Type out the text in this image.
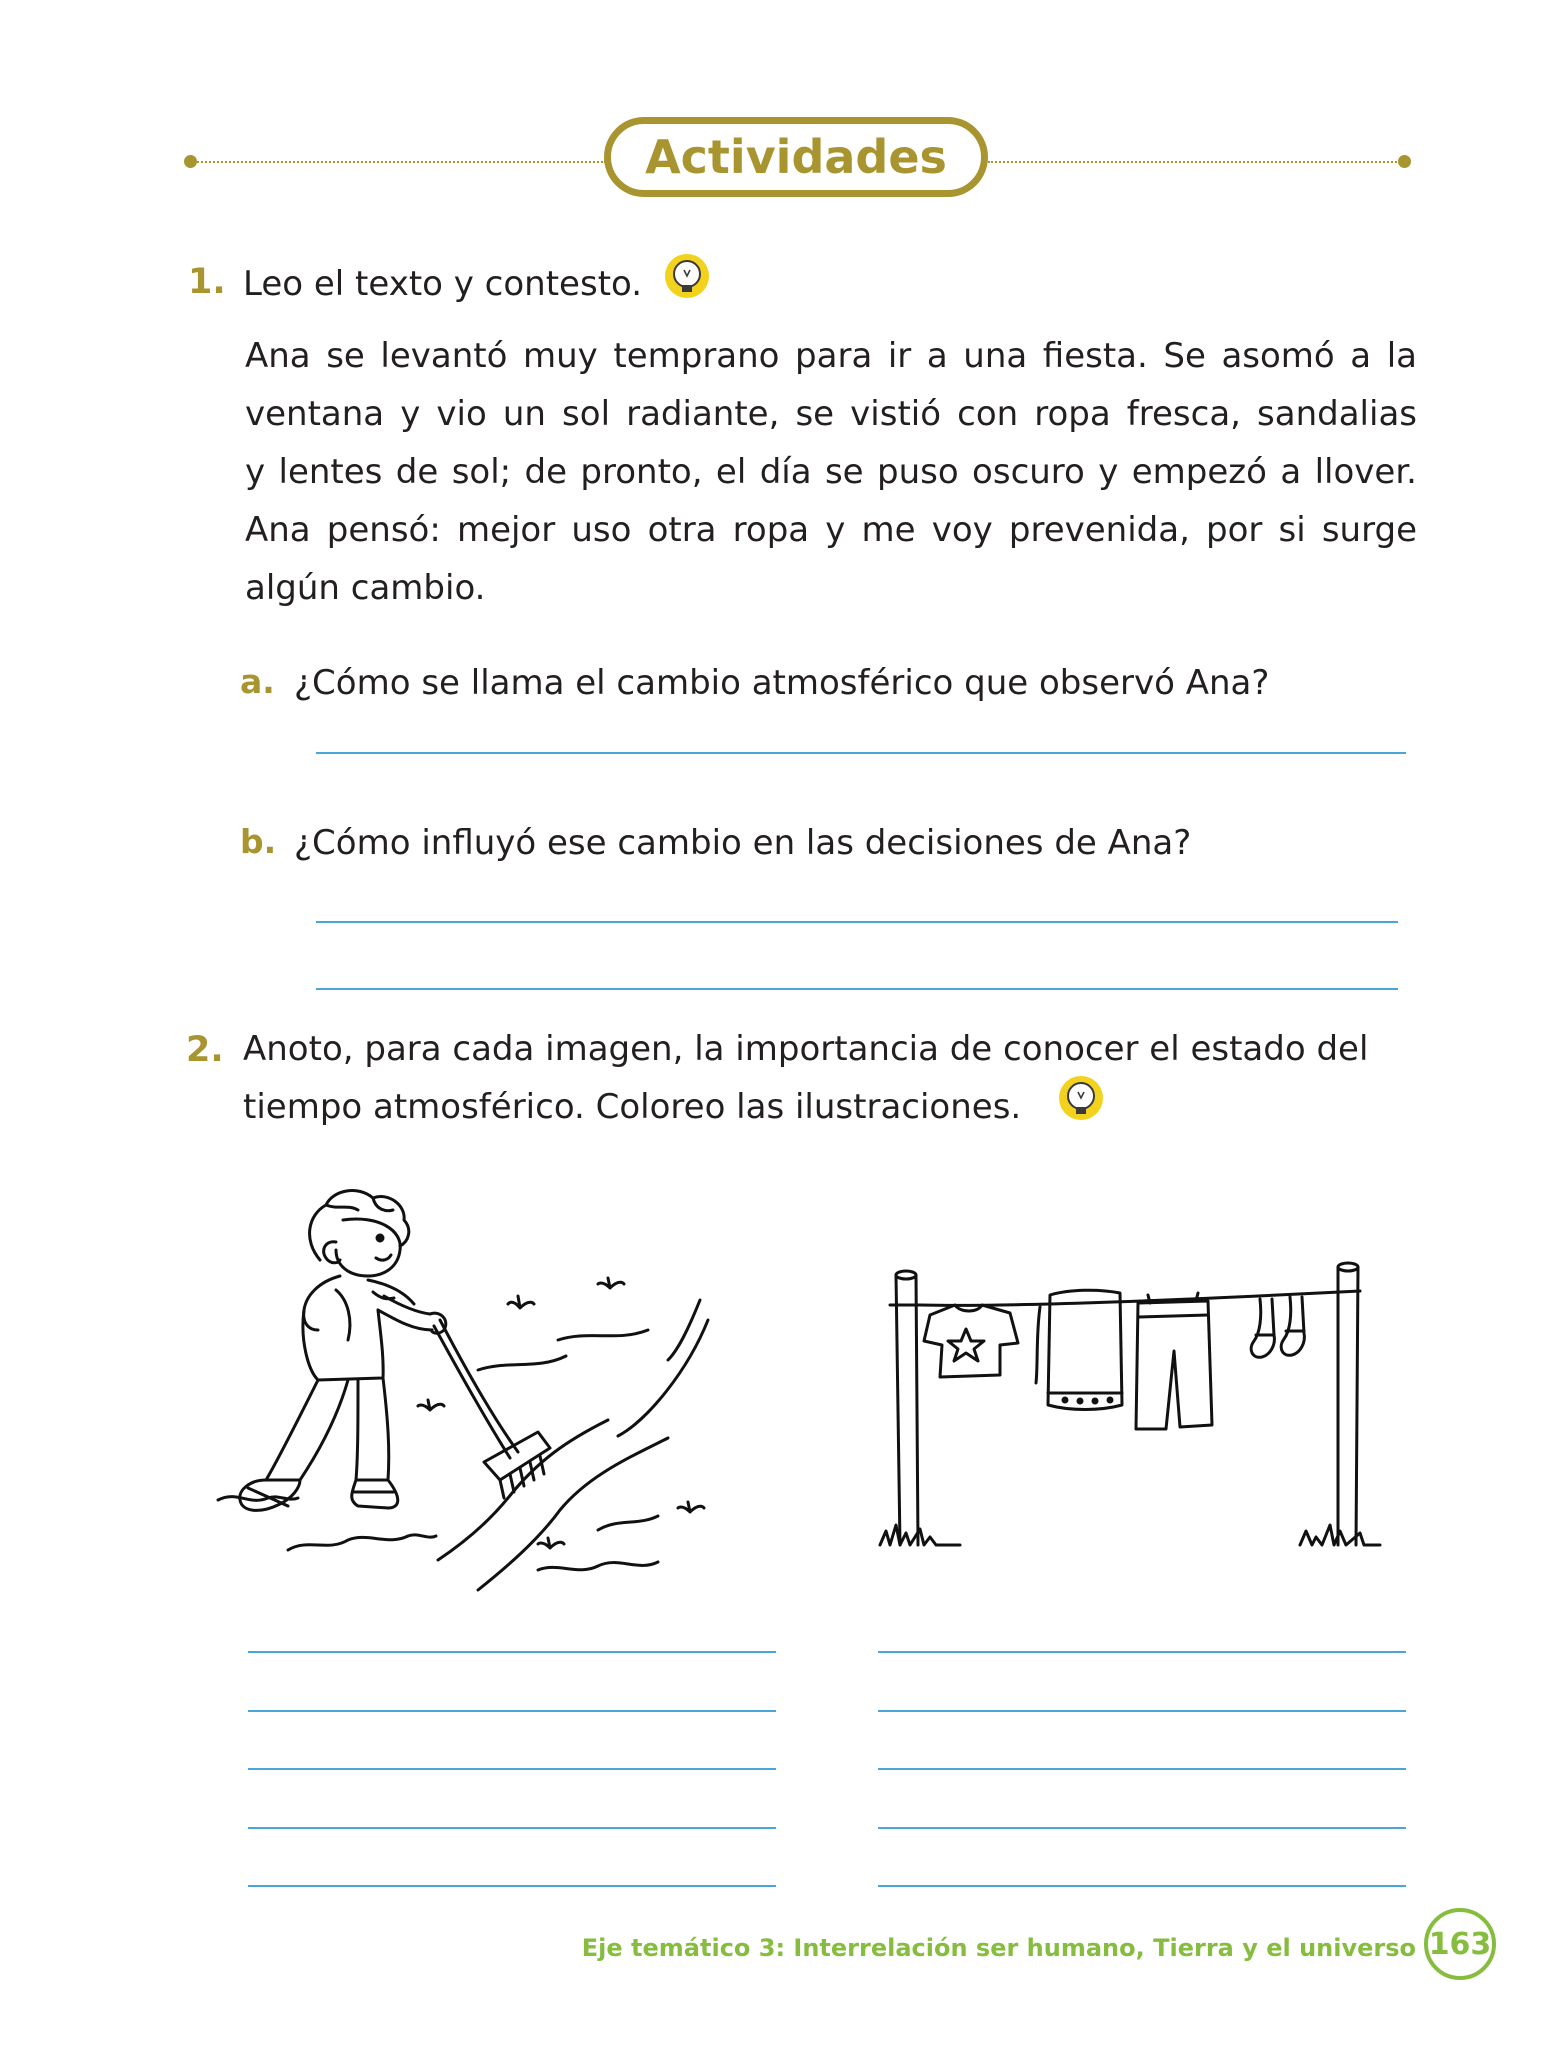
Actividades
1. Leo el texto y contesto.
Ana se levantó muy temprano para ir a una fiesta. Se asomó a la
ventana y vio un sol radiante, se vistió con ropa fresca, sandalias
y lentes de sol; de pronto, el día se puso oscuro y empezó a llover.
Ana pensó: mejor uso otra ropa y me voy prevenida, por si surge
algún cambio.
a. ¿Cómo se llama el cambio atmosférico que observó Ana?
b. ¿Cómo influyó ese cambio en las decisiones de Ana?
2. Anoto, para cada imagen, la importancia de conocer el estado del
tiempo atmosférico. Coloreo las ilustraciones.
Eje temático 3: Interrelación ser humano, Tierra y el universo 163
